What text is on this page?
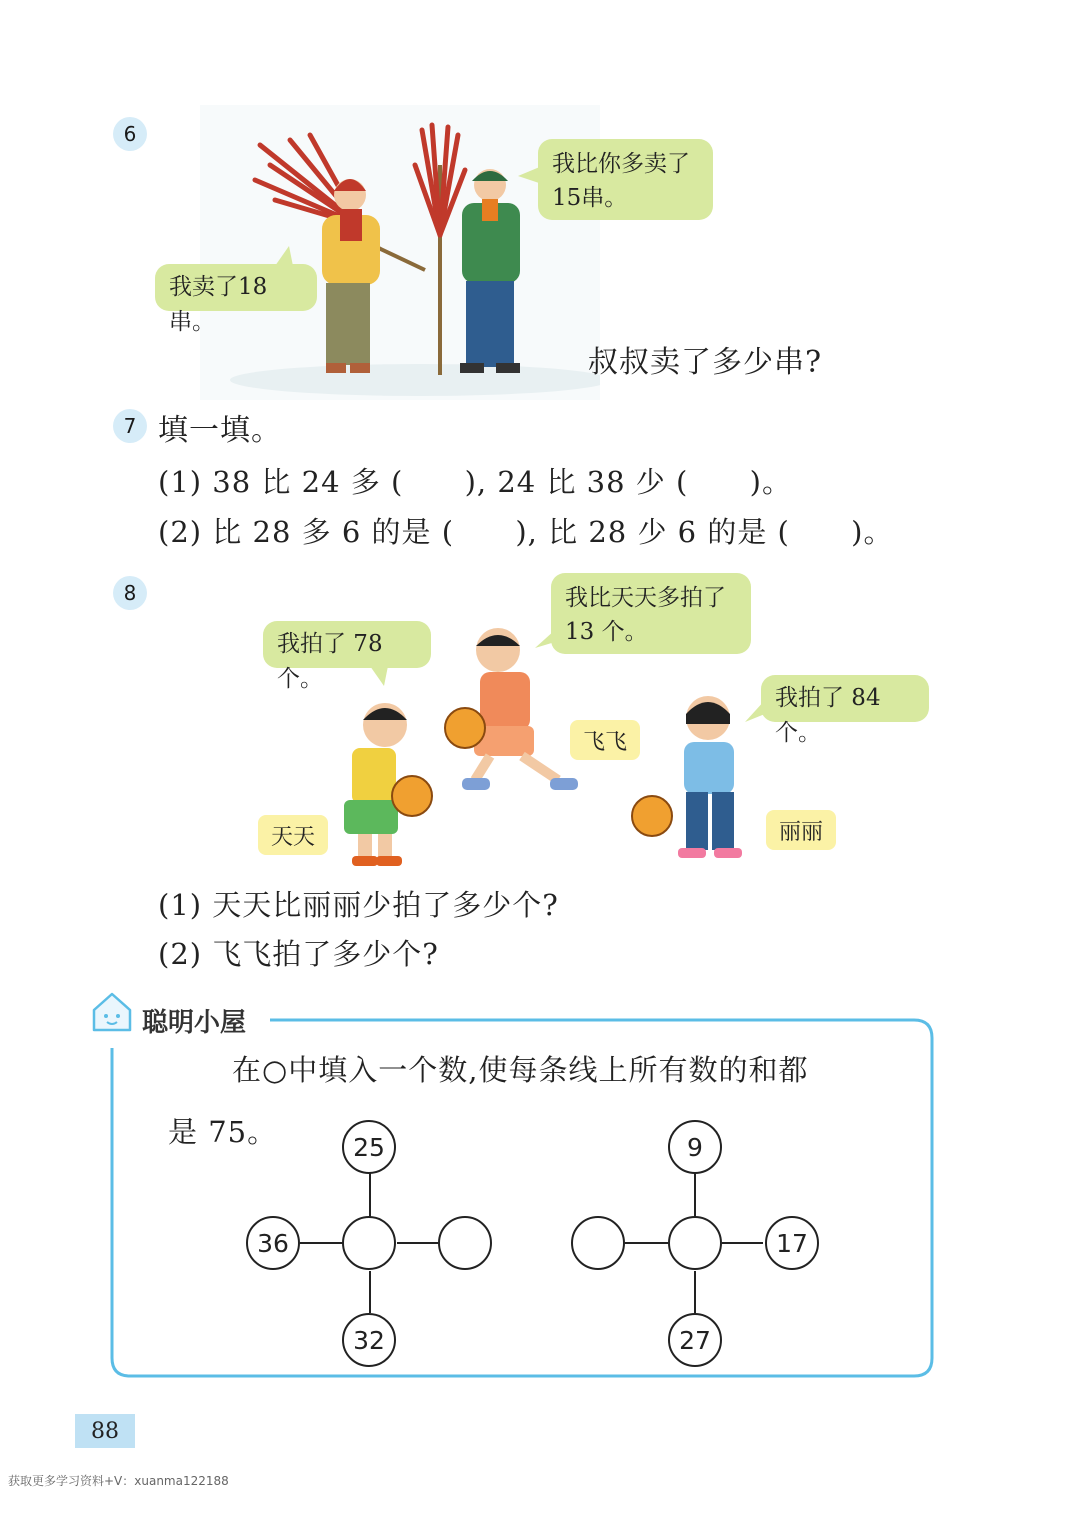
6
我比你多卖了
15串。
我卖了18串。
叔叔卖了多少串?
7 填一填。
(1) 38 比 24 多 (      ), 24 比 38 少 (      )。
(2) 比 28 多 6 的是 (      ), 比 28 少 6 的是 (      )。
8
我拍了 78 个。
我比天天多拍了
13 个。
我拍了 84 个。
飞飞
天天	丽丽
(1) 天天比丽丽少拍了多少个?
(2) 飞飞拍了多少个?
聪明小屋
在○中填入一个数,使每条线上所有数的和都
是 75。	25
36
32
9
17
27
88
获取更多学习资料+V：xuanma122188
